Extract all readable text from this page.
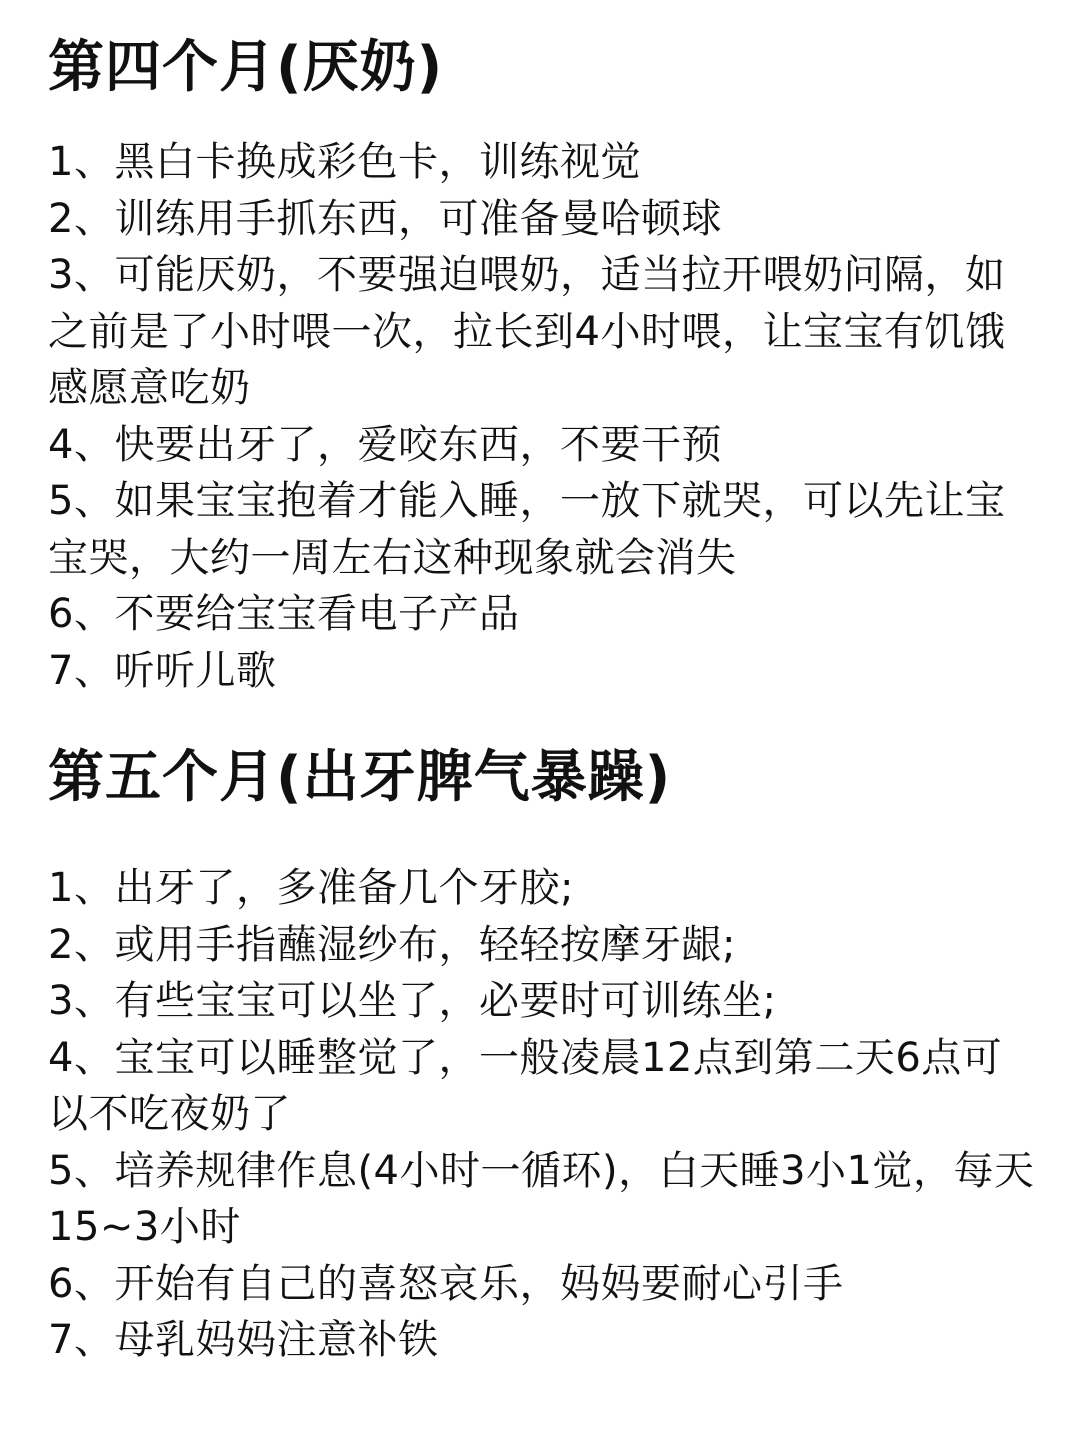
第四个月(厌奶)
1、黑白卡换成彩色卡，训练视觉
2、训练用手抓东西，可准备曼哈顿球
3、可能厌奶，不要强迫喂奶，适当拉开喂奶问隔，如之前是了小时喂一次，拉长到4小时喂，让宝宝有饥饿感愿意吃奶
4、快要出牙了，爱咬东西，不要干预
5、如果宝宝抱着才能入睡，一放下就哭，可以先让宝宝哭，大约一周左右这种现象就会消失
6、不要给宝宝看电子产品
7、听听儿歌
第五个月(出牙脾气暴躁)
1、出牙了，多准备几个牙胶;
2、或用手指蘸湿纱布，轻轻按摩牙龈;
3、有些宝宝可以坐了，必要时可训练坐;
4、宝宝可以睡整觉了，一般凌晨12点到第二天6点可以不吃夜奶了
5、培养规律作息(4小时一循环)，白天睡3小1觉，每天15~3小时
6、开始有自己的喜怒哀乐，妈妈要耐心引手
7、母乳妈妈注意补铁
